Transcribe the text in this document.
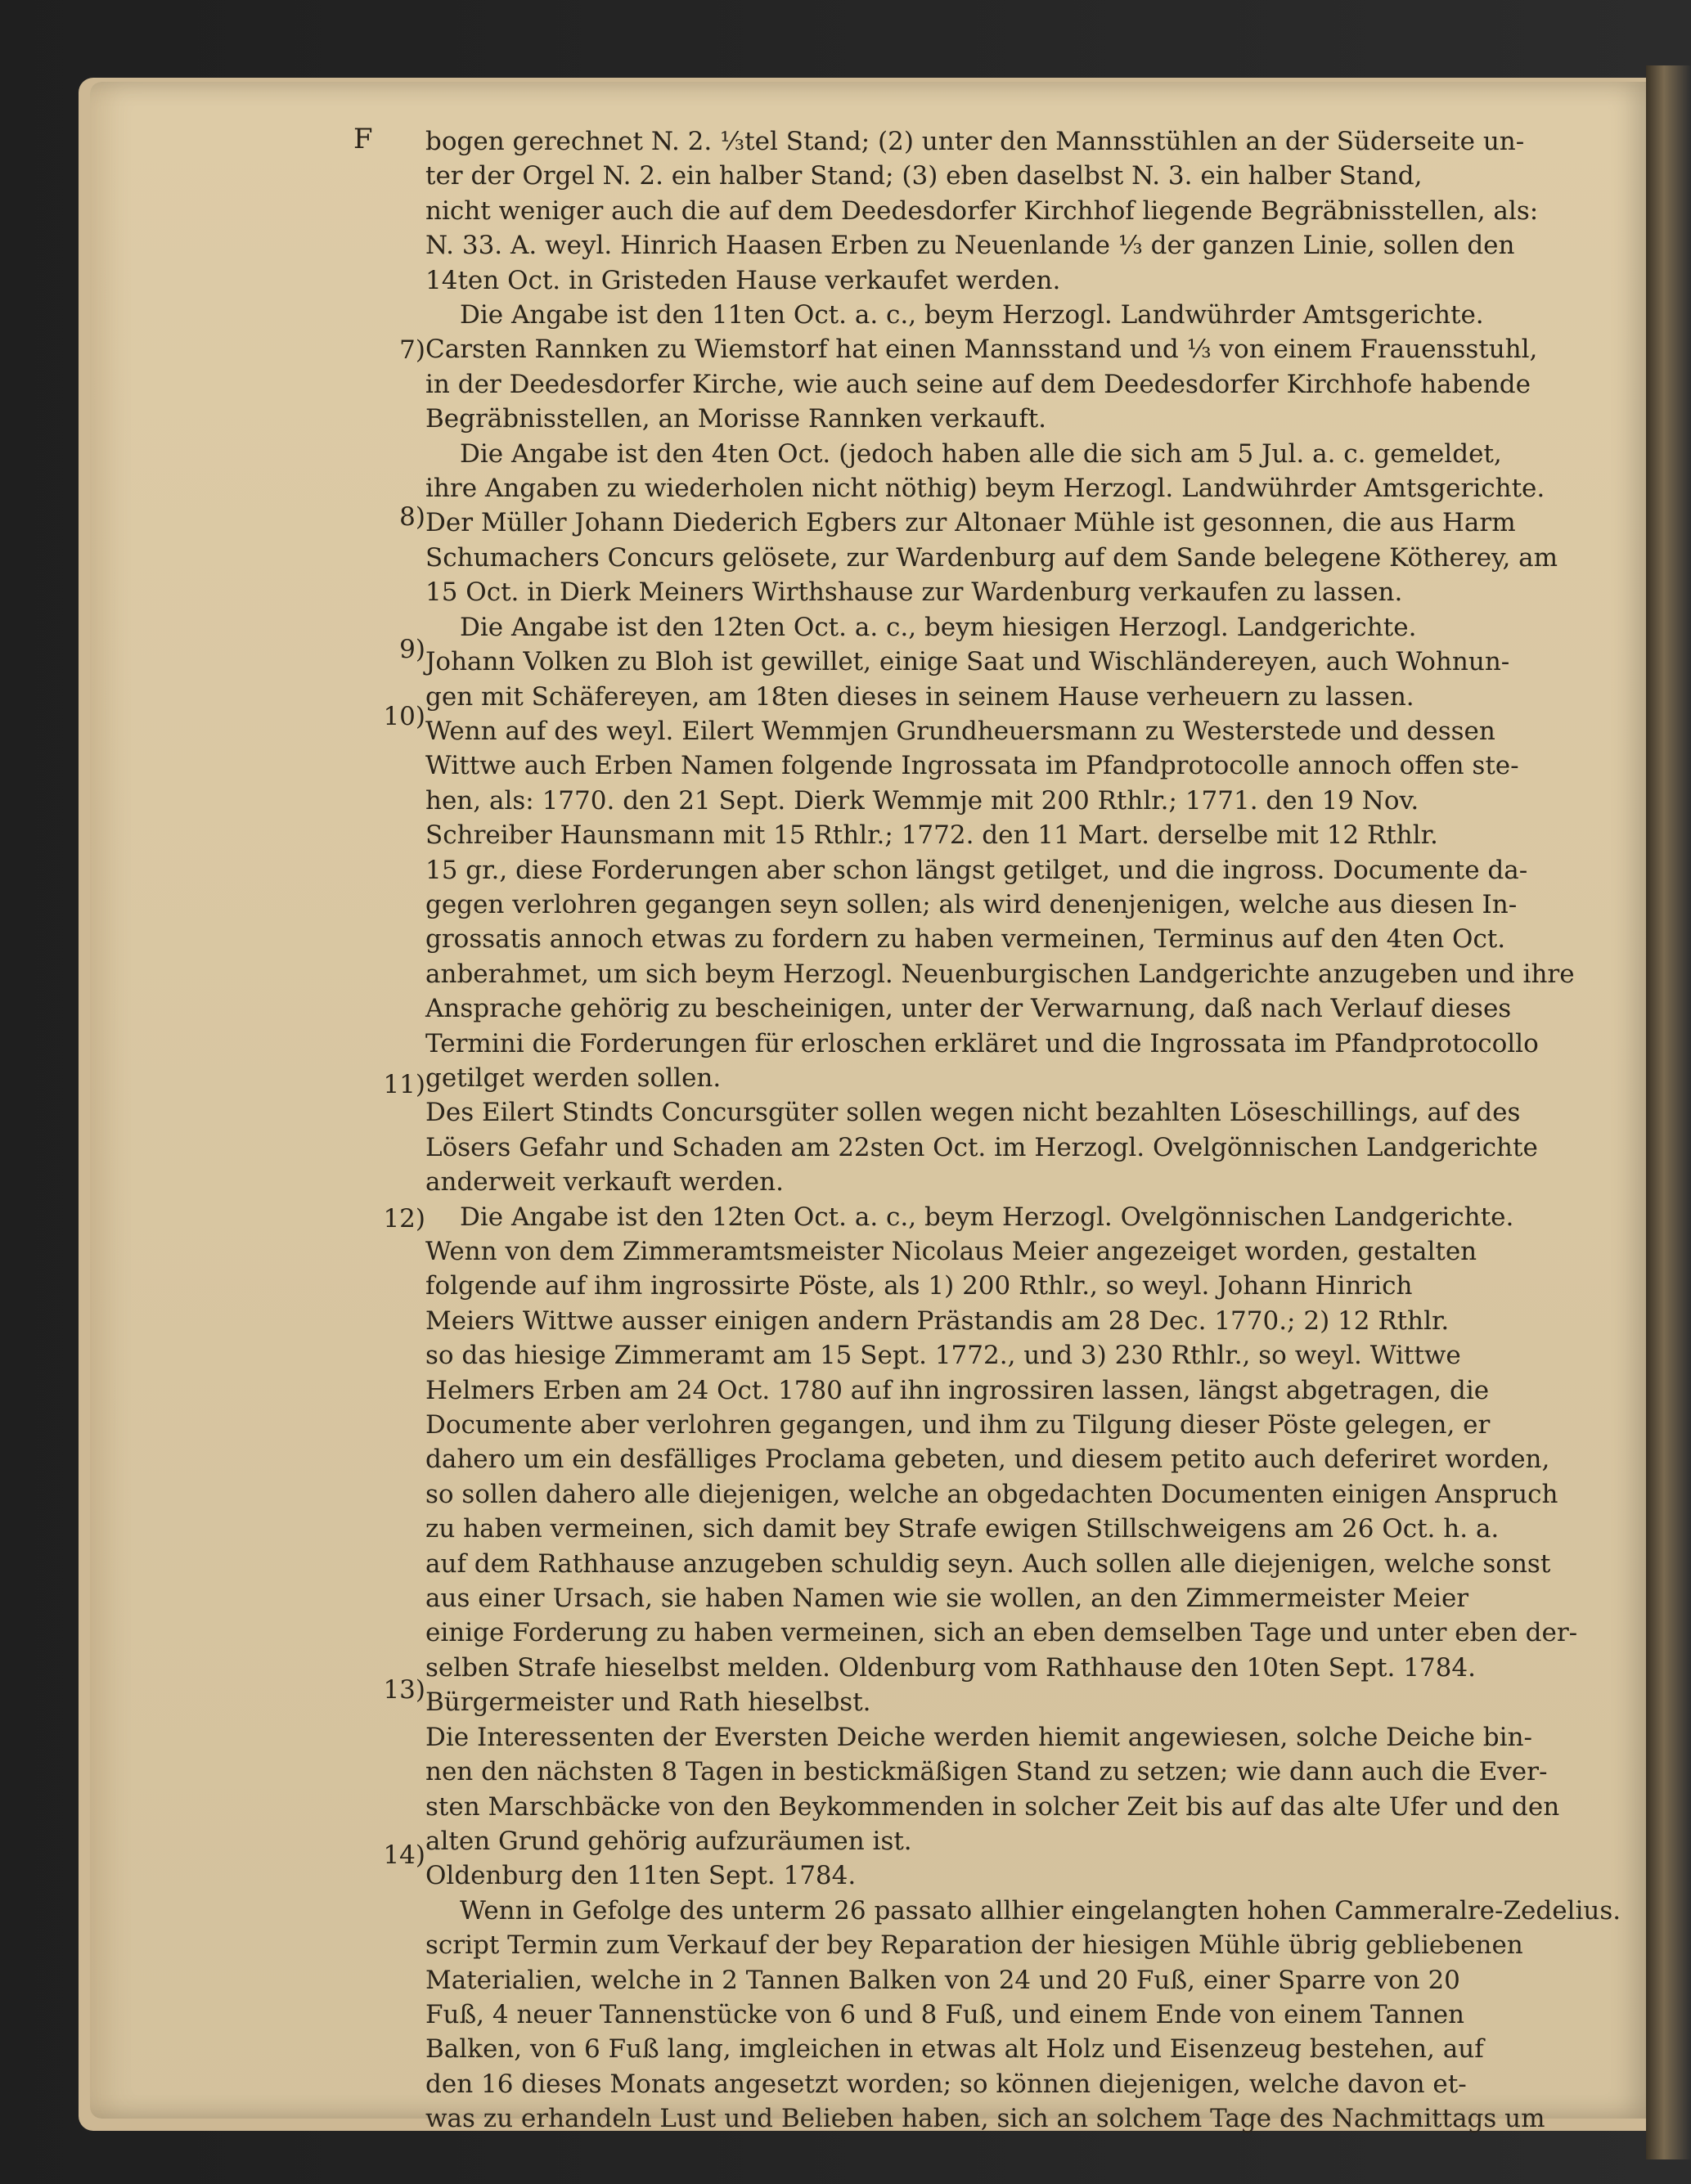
F
7)
8)
9)
10)
11)
12)
13)
14)
bogen gerechnet N. 2. ⅓tel Stand; (2) unter den Mannsstühlen an der Süderseite un-
ter der Orgel N. 2. ein halber Stand; (3) eben daselbst N. 3. ein halber Stand,
nicht weniger auch die auf dem Deedesdorfer Kirchhof liegende Begräbnisstellen, als:
N. 33. A. weyl. Hinrich Haasen Erben zu Neuenlande ⅓ der ganzen Linie, sollen den
14ten Oct. in Gristeden Hause verkaufet werden.
Die Angabe ist den 11ten Oct. a. c., beym Herzogl. Landwührder Amtsgerichte.
Carsten Rannken zu Wiemstorf hat einen Mannsstand und ⅓ von einem Frauensstuhl,
in der Deedesdorfer Kirche, wie auch seine auf dem Deedesdorfer Kirchhofe habende
Begräbnisstellen, an Morisse Rannken verkauft.
Die Angabe ist den 4ten Oct. (jedoch haben alle die sich am 5 Jul. a. c. gemeldet,
ihre Angaben zu wiederholen nicht nöthig) beym Herzogl. Landwührder Amtsgerichte.
Der Müller Johann Diederich Egbers zur Altonaer Mühle ist gesonnen, die aus Harm
Schumachers Concurs gelösete, zur Wardenburg auf dem Sande belegene Kötherey, am
15 Oct. in Dierk Meiners Wirthshause zur Wardenburg verkaufen zu lassen.
Die Angabe ist den 12ten Oct. a. c., beym hiesigen Herzogl. Landgerichte.
Johann Volken zu Bloh ist gewillet, einige Saat und Wischländereyen, auch Wohnun-
gen mit Schäfereyen, am 18ten dieses in seinem Hause verheuern zu lassen.
Wenn auf des weyl. Eilert Wemmjen Grundheuersmann zu Westerstede und dessen
Wittwe auch Erben Namen folgende Ingrossata im Pfandprotocolle annoch offen ste-
hen, als: 1770. den 21 Sept. Dierk Wemmje mit 200 Rthlr.; 1771. den 19 Nov.
Schreiber Haunsmann mit 15 Rthlr.; 1772. den 11 Mart. derselbe mit 12 Rthlr.
15 gr., diese Forderungen aber schon längst getilget, und die ingross. Documente da-
gegen verlohren gegangen seyn sollen; als wird denenjenigen, welche aus diesen In-
grossatis annoch etwas zu fordern zu haben vermeinen, Terminus auf den 4ten Oct.
anberahmet, um sich beym Herzogl. Neuenburgischen Landgerichte anzugeben und ihre
Ansprache gehörig zu bescheinigen, unter der Verwarnung, daß nach Verlauf dieses
Termini die Forderungen für erloschen erkläret und die Ingrossata im Pfandprotocollo
getilget werden sollen.
Des Eilert Stindts Concursgüter sollen wegen nicht bezahlten Löseschillings, auf des
Lösers Gefahr und Schaden am 22sten Oct. im Herzogl. Ovelgönnischen Landgerichte
anderweit verkauft werden.
Die Angabe ist den 12ten Oct. a. c., beym Herzogl. Ovelgönnischen Landgerichte.
Wenn von dem Zimmeramtsmeister Nicolaus Meier angezeiget worden, gestalten
folgende auf ihm ingrossirte Pöste, als 1) 200 Rthlr., so weyl. Johann Hinrich
Meiers Wittwe ausser einigen andern Prästandis am 28 Dec. 1770.; 2) 12 Rthlr.
so das hiesige Zimmeramt am 15 Sept. 1772., und 3) 230 Rthlr., so weyl. Wittwe
Helmers Erben am 24 Oct. 1780 auf ihn ingrossiren lassen, längst abgetragen, die
Documente aber verlohren gegangen, und ihm zu Tilgung dieser Pöste gelegen, er
dahero um ein desfälliges Proclama gebeten, und diesem petito auch deferiret worden,
so sollen dahero alle diejenigen, welche an obgedachten Documenten einigen Anspruch
zu haben vermeinen, sich damit bey Strafe ewigen Stillschweigens am 26 Oct. h. a.
auf dem Rathhause anzugeben schuldig seyn. Auch sollen alle diejenigen, welche sonst
aus einer Ursach, sie haben Namen wie sie wollen, an den Zimmermeister Meier
einige Forderung zu haben vermeinen, sich an eben demselben Tage und unter eben der-
selben Strafe hieselbst melden. Oldenburg vom Rathhause den 10ten Sept. 1784.
Bürgermeister und Rath hieselbst.
Die Interessenten der Eversten Deiche werden hiemit angewiesen, solche Deiche bin-
nen den nächsten 8 Tagen in bestickmäßigen Stand zu setzen; wie dann auch die Ever-
sten Marschbäcke von den Beykommenden in solcher Zeit bis auf das alte Ufer und den
alten Grund gehörig aufzuräumen ist.
Oldenburg den 11ten Sept. 1784.
Wenn in Gefolge des unterm 26 passato allhier eingelangten hohen Cammeralre- Zedelius.
script Termin zum Verkauf der bey Reparation der hiesigen Mühle übrig gebliebenen
Materialien, welche in 2 Tannen Balken von 24 und 20 Fuß, einer Sparre von 20
Fuß, 4 neuer Tannenstücke von 6 und 8 Fuß, und einem Ende von einem Tannen
Balken, von 6 Fuß lang, imgleichen in etwas alt Holz und Eisenzeug bestehen, auf
den 16 dieses Monats angesetzt worden; so können diejenigen, welche davon et-
was zu erhandeln Lust und Belieben haben, sich an solchem Tage des Nachmittags um
